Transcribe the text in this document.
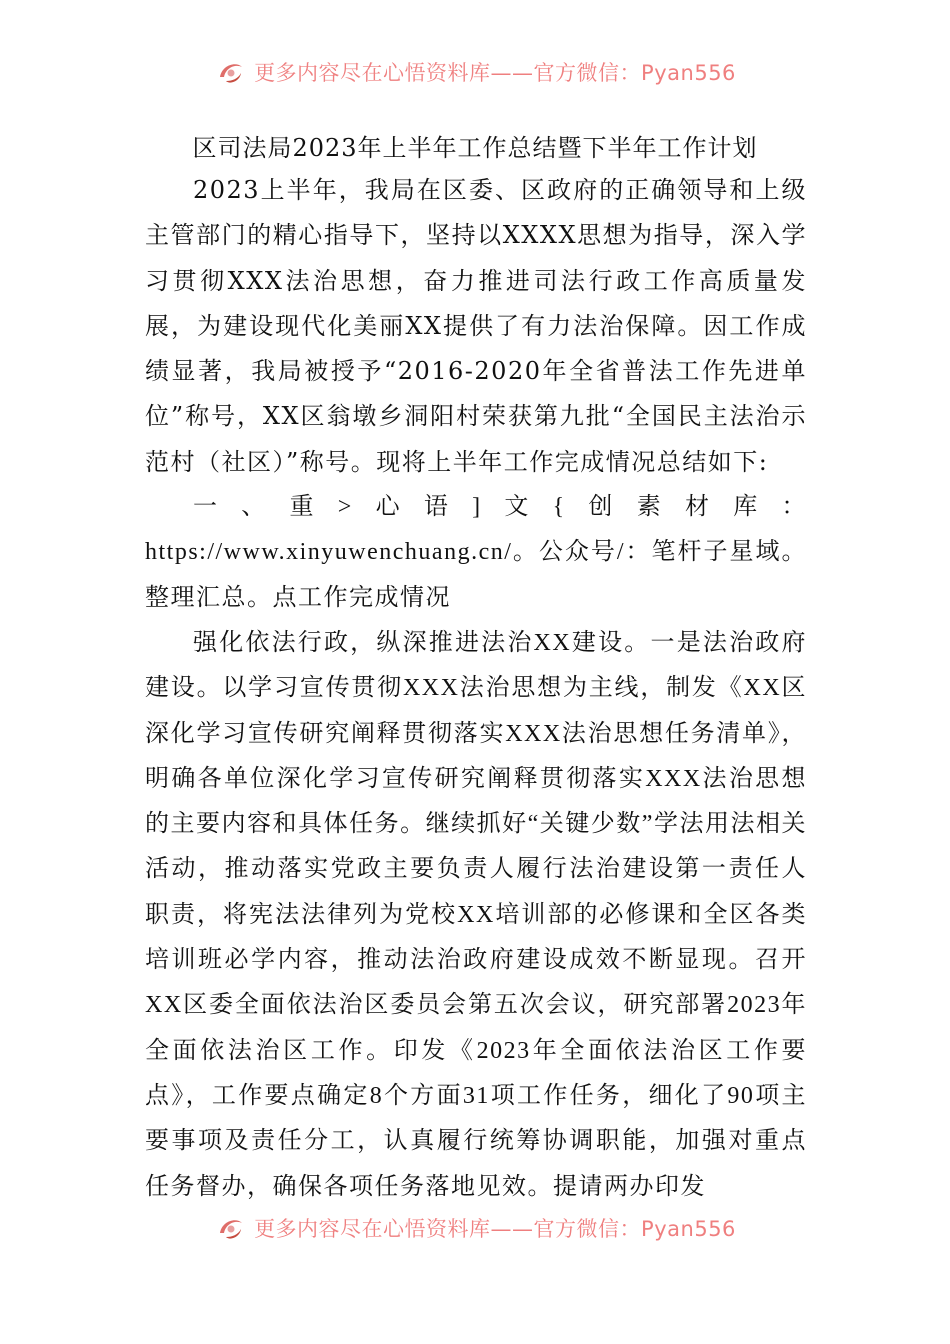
更多内容尽在心悟资料库——官方微信：Pyan556
区司法局2023年上半年工作总结暨下半年工作计划

2023上半年，我局在区委、区政府的正确领导和上级主管部门的精心指导下，坚持以XXXX思想为指导，深入学习贯彻XXX法治思想，奋力推进司法行政工作高质量发展，为建设现代化美丽XX提供了有力法治保障。因工作成绩显著，我局被授予“2016-2020年全省普法工作先进单位”称号，XX区翁墩乡洞阳村荣获第九批“全国民主法治示范村（社区）”称号。现将上半年工作完成情况总结如下:

一、重>心语]文{创素材库：https://www.xinyuwenchuang.cn/。公众号/：笔杆子星域。整理汇总。点工作完成情况

强化依法行政，纵深推进法治XX建设。一是法治政府建设。以学习宣传贯彻XXX法治思想为主线，制发《XX区深化学习宣传研究阐释贯彻落实XXX法治思想任务清单》，明确各单位深化学习宣传研究阐释贯彻落实XXX法治思想的主要内容和具体任务。继续抓好“关键少数”学法用法相关活动，推动落实党政主要负责人履行法治建设第一责任人职责，将宪法法律列为党校XX培训部的必修课和全区各类培训班必学内容，推动法治政府建设成效不断显现。召开XX区委全面依法治区委员会第五次会议，研究部署2023年全面依法治区工作。印发《2023年全面依法治区工作要点》，工作要点确定8个方面31项工作任务，细化了90项主要事项及责任分工，认真履行统筹协调职能，加强对重点任务督办，确保各项任务落地见效。提请两办印发

更多内容尽在心悟资料库——官方微信：Pyan556
